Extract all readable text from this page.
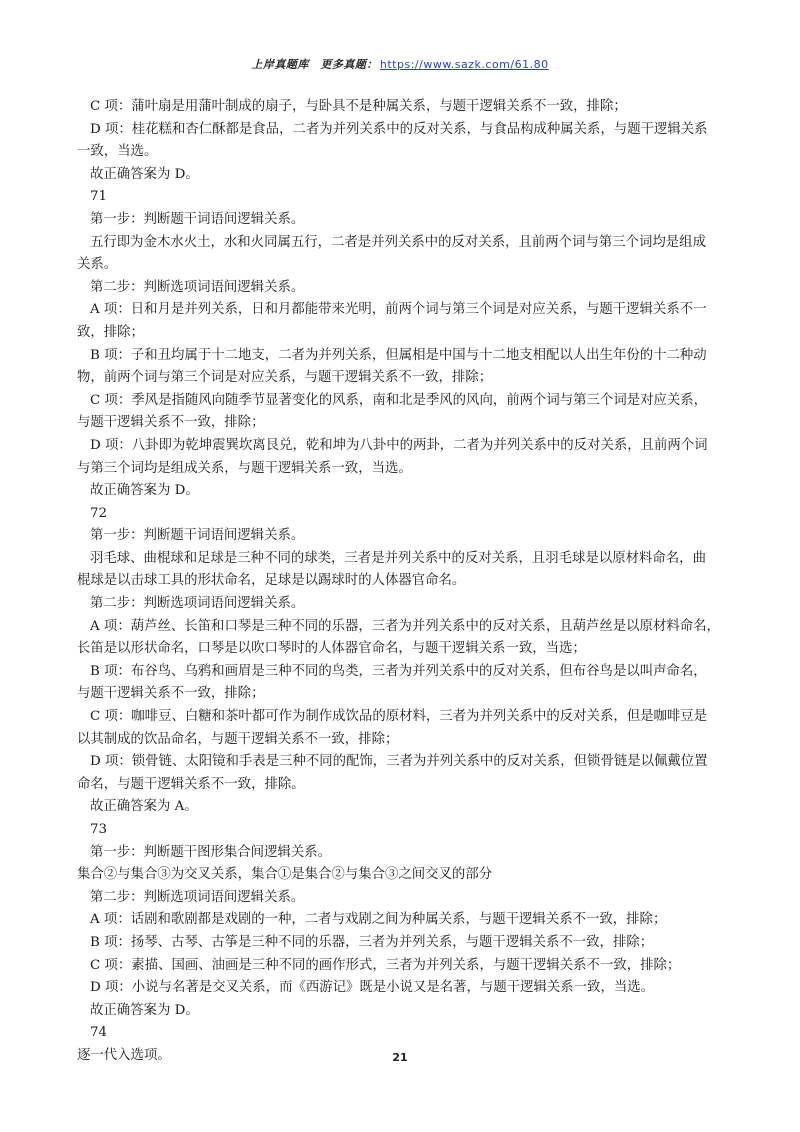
上岸真题库　更多真题： https://www.sazk.com/61.80
C 项：蒲叶扇是用蒲叶制成的扇子，与卧具不是种属关系，与题干逻辑关系不一致，排除；
D 项：桂花糕和杏仁酥都是食品，二者为并列关系中的反对关系，与食品构成种属关系，与题干逻辑关系
一致，当选。
故正确答案为 D。
71
第一步：判断题干词语间逻辑关系。
五行即为金木水火土，水和火同属五行，二者是并列关系中的反对关系，且前两个词与第三个词均是组成
关系。
第二步：判断选项词语间逻辑关系。
A 项：日和月是并列关系，日和月都能带来光明，前两个词与第三个词是对应关系，与题干逻辑关系不一
致，排除；
B 项：子和丑均属于十二地支，二者为并列关系，但属相是中国与十二地支相配以人出生年份的十二种动
物，前两个词与第三个词是对应关系，与题干逻辑关系不一致，排除；
C 项：季风是指随风向随季节显著变化的风系，南和北是季风的风向，前两个词与第三个词是对应关系，
与题干逻辑关系不一致，排除；
D 项：八卦即为乾坤震巽坎离艮兑，乾和坤为八卦中的两卦，二者为并列关系中的反对关系，且前两个词
与第三个词均是组成关系，与题干逻辑关系一致，当选。
故正确答案为 D。
72
第一步：判断题干词语间逻辑关系。
羽毛球、曲棍球和足球是三种不同的球类，三者是并列关系中的反对关系，且羽毛球是以原材料命名，曲
棍球是以击球工具的形状命名，足球是以踢球时的人体器官命名。
第二步：判断选项词语间逻辑关系。
A 项：葫芦丝、长笛和口琴是三种不同的乐器，三者为并列关系中的反对关系，且葫芦丝是以原材料命名，
长笛是以形状命名，口琴是以吹口琴时的人体器官命名，与题干逻辑关系一致，当选；
B 项：布谷鸟、乌鸦和画眉是三种不同的鸟类，三者为并列关系中的反对关系，但布谷鸟是以叫声命名，
与题干逻辑关系不一致，排除；
C 项：咖啡豆、白糖和茶叶都可作为制作成饮品的原材料，三者为并列关系中的反对关系，但是咖啡豆是
以其制成的饮品命名，与题干逻辑关系不一致，排除；
D 项：锁骨链、太阳镜和手表是三种不同的配饰，三者为并列关系中的反对关系，但锁骨链是以佩戴位置
命名，与题干逻辑关系不一致，排除。
故正确答案为 A。
73
第一步：判断题干图形集合间逻辑关系。
集合②与集合③为交叉关系，集合①是集合②与集合③之间交叉的部分
第二步：判断选项词语间逻辑关系。
A 项：话剧和歌剧都是戏剧的一种，二者与戏剧之间为种属关系，与题干逻辑关系不一致，排除；
B 项：扬琴、古琴、古筝是三种不同的乐器，三者为并列关系，与题干逻辑关系不一致，排除；
C 项：素描、国画、油画是三种不同的画作形式，三者为并列关系，与题干逻辑关系不一致，排除；
D 项：小说与名著是交叉关系，而《西游记》既是小说又是名著，与题干逻辑关系一致，当选。
故正确答案为 D。
74
逐一代入选项。	21
